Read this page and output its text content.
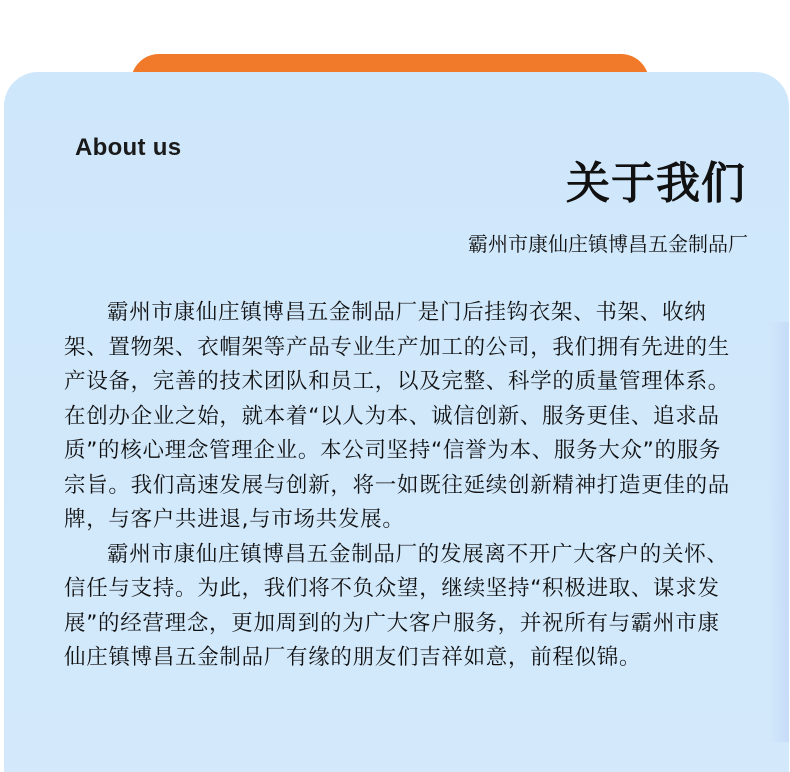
About us
关于我们
霸州市康仙庄镇博昌五金制品厂

霸州市康仙庄镇博昌五金制品厂是门后挂钩衣架、书架、收纳架、置物架、衣帽架等产品专业生产加工的公司，我们拥有先进的生产设备，完善的技术团队和员工，以及完整、科学的质量管理体系。 在创办企业之始，就本着“以人为本、诚信创新、服务更佳、追求品质”的核心理念管理企业。本公司坚持“信誉为本、服务大众”的服务宗旨。我们高速发展与创新，将一如既往延续创新精神打造更佳的品牌，与客户共进退,与市场共发展。

霸州市康仙庄镇博昌五金制品厂的发展离不开广大客户的关怀、信任与支持。为此，我们将不负众望，继续坚持“积极进取、谋求发展”的经营理念，更加周到的为广大客户服务，并祝所有与霸州市康仙庄镇博昌五金制品厂有缘的朋友们吉祥如意，前程似锦。
